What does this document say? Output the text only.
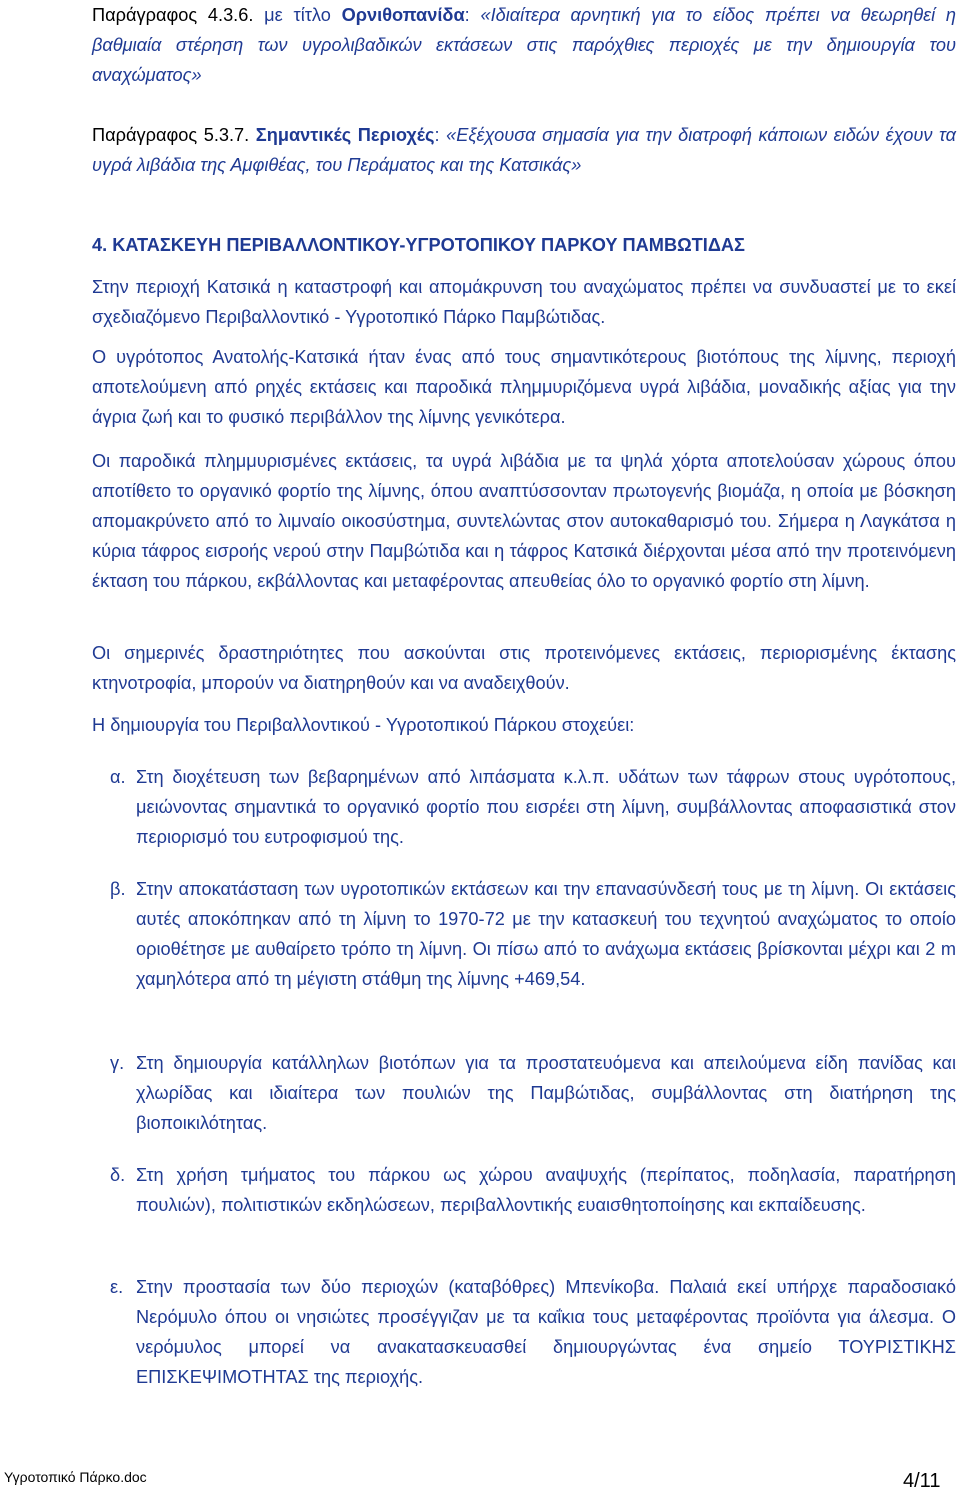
Παράγραφος 4.3.6. με τίτλο Ορνιθοπανίδα: «Ιδιαίτερα αρνητική για το είδος πρέπει να θεωρηθεί η βαθμιαία στέρηση των υγρολιβαδικών εκτάσεων στις παρόχθιες περιοχές με την δημιουργία του αναχώματος»

Παράγραφος 5.3.7. Σημαντικές Περιοχές: «Εξέχουσα σημασία για την διατροφή κάποιων ειδών έχουν τα υγρά λιβάδια της Αμφιθέας, του Περάματος και της Κατσικάς»

4. ΚΑΤΑΣΚΕΥΗ ΠΕΡΙΒΑΛΛΟΝΤΙΚΟΥ-ΥΓΡΟΤΟΠΙΚΟΥ ΠΑΡΚΟΥ ΠΑΜΒΩΤΙΔΑΣ

Στην περιοχή Κατσικά η καταστροφή και απομάκρυνση του αναχώματος πρέπει να συνδυαστεί με το εκεί σχεδιαζόμενο Περιβαλλοντικό - Υγροτοπικό Πάρκο Παμβώτιδας.

Ο υγρότοπος Ανατολής-Κατσικά ήταν ένας από τους σημαντικότερους βιοτόπους της λίμνης, περιοχή αποτελούμενη από ρηχές εκτάσεις και παροδικά πλημμυριζόμενα υγρά λιβάδια, μοναδικής αξίας για την άγρια ζωή και το φυσικό περιβάλλον της λίμνης γενικότερα.

Οι παροδικά πλημμυρισμένες εκτάσεις, τα υγρά λιβάδια με τα ψηλά χόρτα αποτελούσαν χώρους όπου αποτίθετο το οργανικό φορτίο της λίμνης, όπου αναπτύσσονταν πρωτογενής βιομάζα, η οποία με βόσκηση απομακρύνετο από το λιμναίο οικοσύστημα, συντελώντας στον αυτοκαθαρισμό του. Σήμερα η Λαγκάτσα η κύρια τάφρος εισροής νερού στην Παμβώτιδα και η τάφρος Κατσικά διέρχονται μέσα από την προτεινόμενη έκταση του πάρκου, εκβάλλοντας και μεταφέροντας απευθείας όλο το οργανικό φορτίο στη λίμνη.

Οι σημερινές δραστηριότητες που ασκούνται στις προτεινόμενες εκτάσεις, περιορισμένης έκτασης κτηνοτροφία, μπορούν να διατηρηθούν και να αναδειχθούν.

Η δημιουργία του Περιβαλλοντικού - Υγροτοπικού Πάρκου στοχεύει:

α. Στη διοχέτευση των βεβαρημένων από λιπάσματα κ.λ.π. υδάτων των τάφρων στους υγρότοπους, μειώνοντας σημαντικά το οργανικό φορτίο που εισρέει στη λίμνη, συμβάλλοντας αποφασιστικά στον περιορισμό του ευτροφισμού της.

β. Στην αποκατάσταση των υγροτοπικών εκτάσεων και την επανασύνδεσή τους με τη λίμνη. Οι εκτάσεις αυτές αποκόπηκαν από τη λίμνη το 1970-72 με την κατασκευή του τεχνητού αναχώματος το οποίο οριοθέτησε με αυθαίρετο τρόπο τη λίμνη. Οι πίσω από το ανάχωμα εκτάσεις βρίσκονται μέχρι και 2 m χαμηλότερα από τη μέγιστη στάθμη της λίμνης +469,54.

γ. Στη δημιουργία κατάλληλων βιοτόπων για τα προστατευόμενα και απειλούμενα είδη πανίδας και χλωρίδας και ιδιαίτερα των πουλιών της Παμβώτιδας, συμβάλλοντας στη διατήρηση της βιοποικιλότητας.

δ. Στη χρήση τμήματος του πάρκου ως χώρου αναψυχής (περίπατος, ποδηλασία, παρατήρηση πουλιών), πολιτιστικών εκδηλώσεων, περιβαλλοντικής ευαισθητοποίησης και εκπαίδευσης.

ε. Στην προστασία των δύο περιοχών (καταβόθρες) Μπενίκοβα. Παλαιά εκεί υπήρχε παραδοσιακό Νερόμυλο όπου οι νησιώτες προσέγγιζαν με τα καΐκια τους μεταφέροντας προϊόντα για άλεσμα. Ο νερόμυλος μπορεί να ανακατασκευασθεί δημιουργώντας ένα σημείο ΤΟΥΡΙΣΤΙΚΗΣ ΕΠΙΣΚΕΨΙΜΟΤΗΤΑΣ της περιοχής.

Υγροτοπικό Πάρκο.doc	4/11
